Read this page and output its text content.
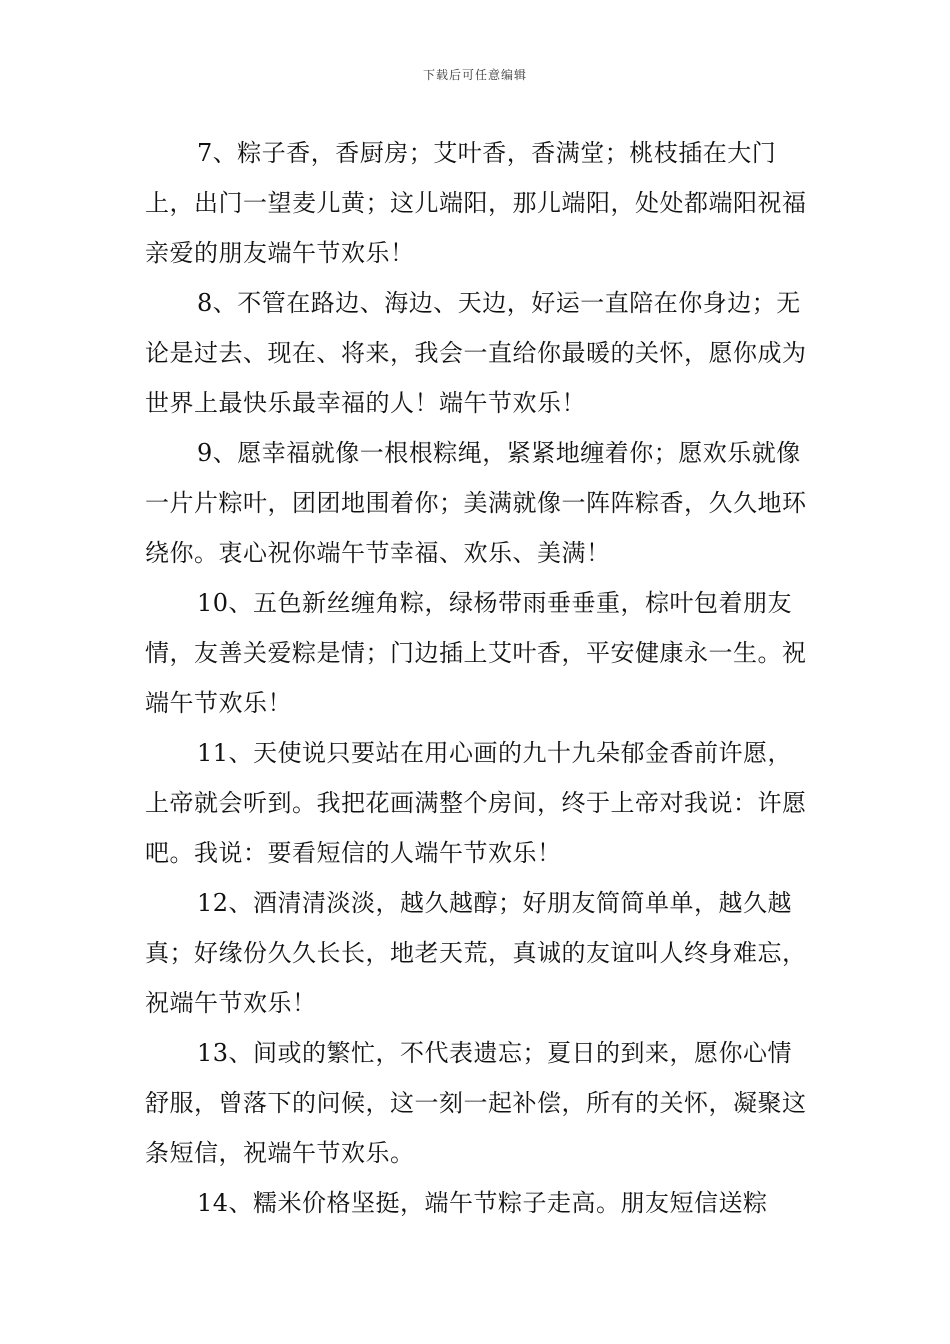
下载后可任意编辑

7、粽子香，香厨房；艾叶香，香满堂；桃枝插在大门上，出门一望麦儿黄；这儿端阳，那儿端阳，处处都端阳祝福亲爱的朋友端午节欢乐！

8、不管在路边、海边、天边，好运一直陪在你身边；无论是过去、现在、将来，我会一直给你最暖的关怀，愿你成为世界上最快乐最幸福的人！端午节欢乐！

9、愿幸福就像一根根粽绳，紧紧地缠着你；愿欢乐就像一片片粽叶，团团地围着你；美满就像一阵阵粽香，久久地环绕你。衷心祝你端午节幸福、欢乐、美满！

10、五色新丝缠角粽，绿杨带雨垂垂重，棕叶包着朋友情，友善关爱粽是情；门边插上艾叶香，平安健康永一生。祝端午节欢乐！

11、天使说只要站在用心画的九十九朵郁金香前许愿，上帝就会听到。我把花画满整个房间，终于上帝对我说：许愿吧。我说：要看短信的人端午节欢乐！

12、酒清清淡淡，越久越醇；好朋友简简单单，越久越真；好缘份久久长长，地老天荒，真诚的友谊叫人终身难忘，祝端午节欢乐！

13、间或的繁忙，不代表遗忘；夏日的到来，愿你心情舒服，曾落下的问候，这一刻一起补偿，所有的关怀，凝聚这条短信，祝端午节欢乐。

14、糯米价格坚挺，端午节粽子走高。朋友短信送粽
